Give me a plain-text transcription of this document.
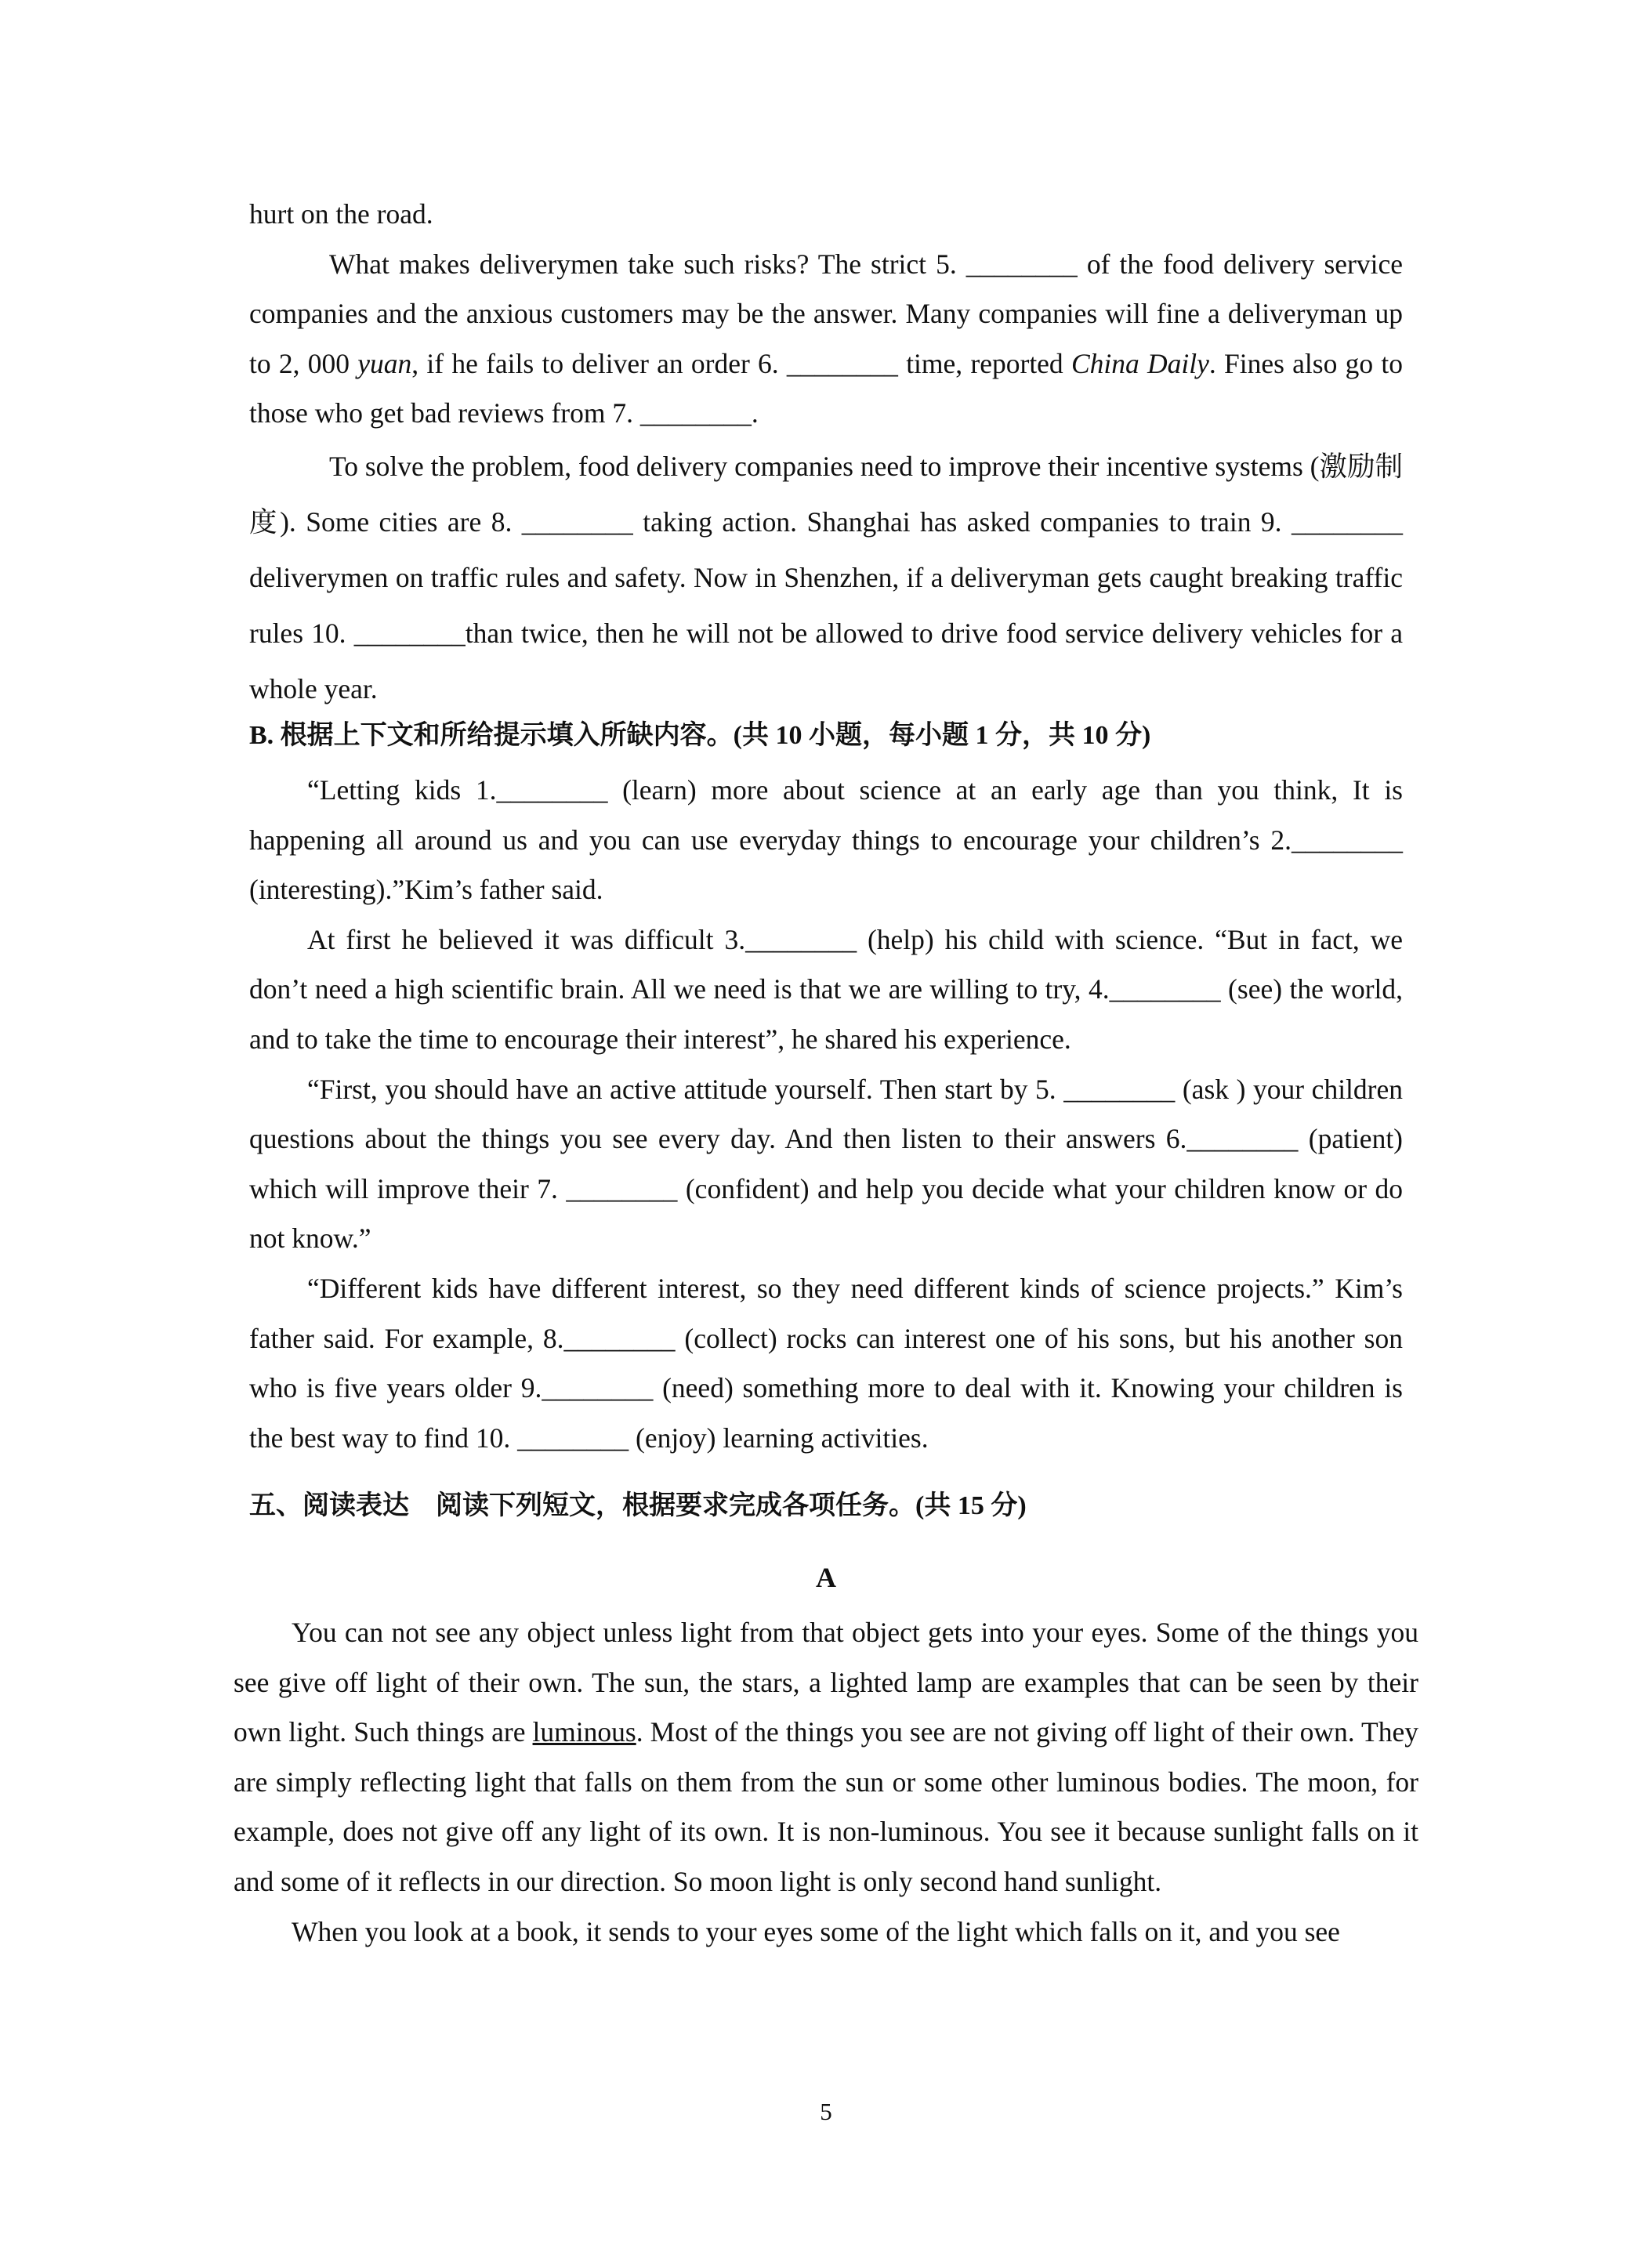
hurt on the road.

What makes deliverymen take such risks? The strict 5. ________ of the food delivery service companies and the anxious customers may be the answer. Many companies will fine a deliveryman up to 2, 000 yuan, if he fails to deliver an order 6. ________ time, reported China Daily. Fines also go to those who get bad reviews from 7. ________.

To solve the problem, food delivery companies need to improve their incentive systems (激励制度). Some cities are 8. ________ taking action. Shanghai has asked companies to train 9. ________ deliverymen on traffic rules and safety. Now in Shenzhen, if a deliveryman gets caught breaking traffic rules 10. ________than twice, then he will not be allowed to drive food service delivery vehicles for a whole year.

B. 根据上下文和所给提示填入所缺内容。(共 10 小题，每小题 1 分，共 10 分)

“Letting kids 1.________ (learn) more about science at an early age than you think, It is happening all around us and you can use everyday things to encourage your children’s 2.________ (interesting).”Kim’s father said.

At first he believed it was difficult 3.________ (help) his child with science. “But in fact, we don’t need a high scientific brain. All we need is that we are willing to try, 4.________ (see) the world, and to take the time to encourage their interest”, he shared his experience.

“First, you should have an active attitude yourself. Then start by 5. ________ (ask ) your children questions about the things you see every day. And then listen to their answers 6.________ (patient) which will improve their 7. ________ (confident) and help you decide what your children know or do not know.”

“Different kids have different interest, so they need different kinds of science projects.” Kim’s father said. For example, 8.________ (collect) rocks can interest one of his sons, but his another son who is five years older 9.________ (need) something more to deal with it. Knowing your children is the best way to find 10. ________ (enjoy) learning activities.

五、阅读表达　阅读下列短文，根据要求完成各项任务。(共 15 分)
A

You can not see any object unless light from that object gets into your eyes. Some of the things you see give off light of their own. The sun, the stars, a lighted lamp are examples that can be seen by their own light. Such things are luminous. Most of the things you see are not giving off light of their own. They are simply reflecting light that falls on them from the sun or some other luminous bodies. The moon, for example, does not give off any light of its own. It is non-luminous. You see it because sunlight falls on it and some of it reflects in our direction. So moon light is only second hand sunlight.

When you look at a book, it sends to your eyes some of the light which falls on it, and you see

5
